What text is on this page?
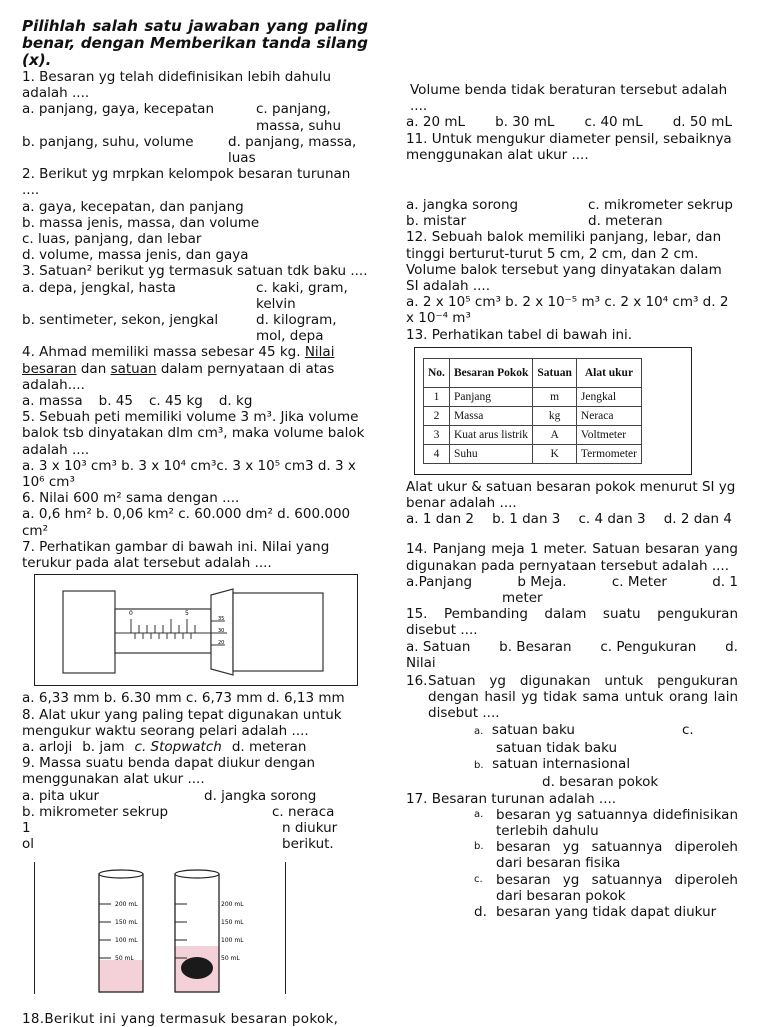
Pilihlah salah satu jawaban yang paling benar, dengan Memberikan tanda silang (x).

1. Besaran yg telah didefinisikan lebih dahulu adalah ....

a. panjang, gaya, kecepatan	c. panjang, massa, suhu
b. panjang, suhu, volume	d. panjang, massa, luas

2. Berikut yg mrpkan kelompok besaran turunan ....

a. gaya, kecepatan, dan panjang

b. massa jenis, massa, dan volume

c. luas, panjang, dan lebar

d. volume, massa jenis, dan gaya

3. Satuan² berikut yg termasuk satuan tdk baku ....

a. depa, jengkal, hasta	c. kaki, gram, kelvin
b. sentimeter, sekon, jengkal	d. kilogram, mol, depa

4. Ahmad memiliki massa sebesar 45 kg. Nilai besaran dan satuan dalam pernyataan di atas adalah....

a. massa b. 45 c. 45 kg d. kg

5. Sebuah peti memiliki volume 3 m³. Jika volume balok tsb dinyatakan dlm cm³, maka volume balok adalah ....

a. 3 x 10³ cm³ b. 3 x 10⁴ cm³c. 3 x 10⁵ cm3 d. 3 x 10⁶ cm³

6. Nilai 600 m² sama dengan ....

a. 0,6 hm² b. 0,06 km² c. 60.000 dm² d. 600.000 cm²

7. Perhatikan gambar di bawah ini. Nilai yang terukur pada alat tersebut adalah ....

0	5
35
30
20

a. 6,33 mm b. 6.30 mm c. 6,73 mm d. 6,13 mm

8. Alat ukur yang paling tepat digunakan untuk mengukur waktu seorang pelari adalah ....

a. arloji b. jam c. Stopwatch d. meteran

9. Massa suatu benda dapat diukur dengan menggunakan alat ukur ....

a. pita ukur	d. jangka sorong
b. mikrometer sekrup	c. neraca
1	n diukur
ol	berikut.
200 mL
150 mL
100 mL
50 mL
200 mL
150 mL
100 mL
50 mL

18.Berikut ini yang termasuk besaran pokok,

Volume benda tidak beraturan tersebut adalah ....

a. 20 mL b. 30 mL c. 40 mL d. 50 mL

11. Untuk mengukur diameter pensil, sebaiknya menggunakan alat ukur ....

a. jangka sorong	c. mikrometer sekrup
b. mistar	d. meteran

12. Sebuah balok memiliki panjang, lebar, dan tinggi berturut-turut 5 cm, 2 cm, dan 2 cm. Volume balok tersebut yang dinyatakan dalam SI adalah ....

a. 2 x 10⁵ cm³ b. 2 x 10⁻⁵ m³ c. 2 x 10⁴ cm³ d. 2 x 10⁻⁴ m³

13. Perhatikan tabel di bawah ini.

No.	Besaran Pokok	Satuan	Alat ukur
1	Panjang	m	Jengkal
2	Massa	kg	Neraca
3	Kuat arus listrik	A	Voltmeter
4	Suhu	K	Termometer

Alat ukur & satuan besaran pokok menurut SI yg benar adalah ....

a. 1 dan 2 b. 1 dan 3 c. 4 dan 3 d. 2 dan 4

14. Panjang meja 1 meter. Satuan besaran yang digunakan pada pernyataan tersebut adalah ....

a.Panjang	b Meja.	c. Meter	d. 1

meter

15. Pembanding dalam suatu pengukuran disebut ....

a. Satuan b. Besaran c. Pengukuran d.

Nilai

16. Satuan yg digunakan untuk pengukuran dengan hasil yg tidak sama untuk orang lain disebut ....
a. satuan baku	c.

satuan tidak baku

b. satuan internasional

d. besaran pokok

17. Besaran turunan adalah ....

a. besaran yg satuannya didefinisikan terlebih dahulu
b. besaran yg satuannya diperoleh dari besaran fisika
c. besaran yg satuannya diperoleh dari besaran pokok
d. besaran yang tidak dapat diukur
